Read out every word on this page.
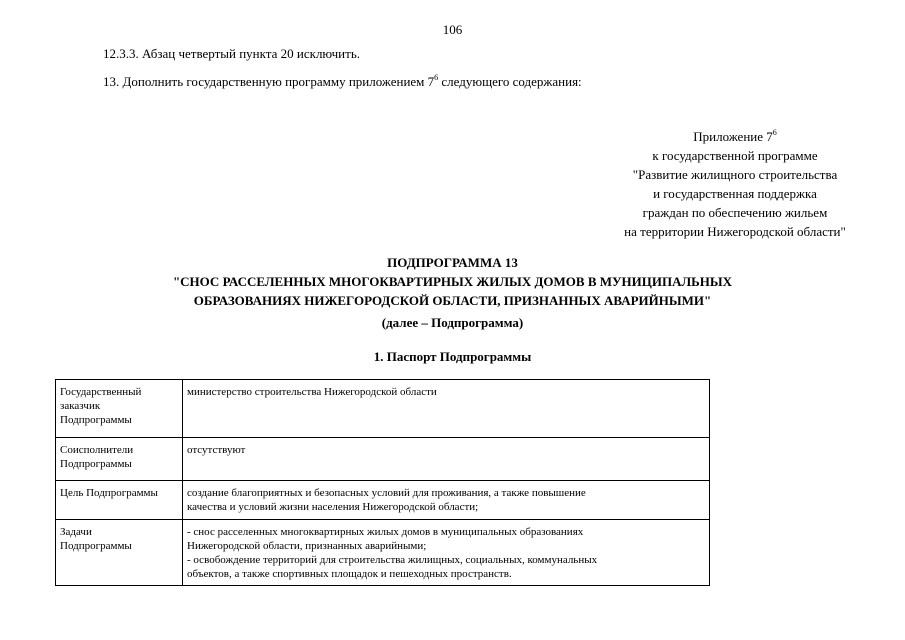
106
12.3.3. Абзац четвертый пункта 20 исключить.
13. Дополнить государственную программу приложением $7^6$ следующего содержания:
Приложение $7^6$
к государственной программе
"Развитие жилищного строительства
и государственная поддержка
граждан по обеспечению жильем
на территории Нижегородской области"
ПОДПРОГРАММА 13
"СНОС РАССЕЛЕННЫХ МНОГОКВАРТИРНЫХ ЖИЛЫХ ДОМОВ В МУНИЦИПАЛЬНЫХ
ОБРАЗОВАНИЯХ НИЖЕГОРОДСКОЙ ОБЛАСТИ, ПРИЗНАННЫХ АВАРИЙНЫМИ"
(далее – Подпрограмма)
1. Паспорт Подпрограммы
Государственный
заказчик
Подпрограммы	министерство строительства Нижегородской области

Соисполнители
Подпрограммы	отсутствуют

Цель Подпрограммы	создание благоприятных и безопасных условий для проживания, а также повышение
качества и условий жизни населения Нижегородской области;

Задачи
Подпрограммы	- снос расселенных многоквартирных жилых домов в муниципальных образованиях
Нижегородской области, признанных аварийными;
- освобождение территорий для строительства жилищных, социальных, коммунальных
объектов, а также спортивных площадок и пешеходных пространств.
